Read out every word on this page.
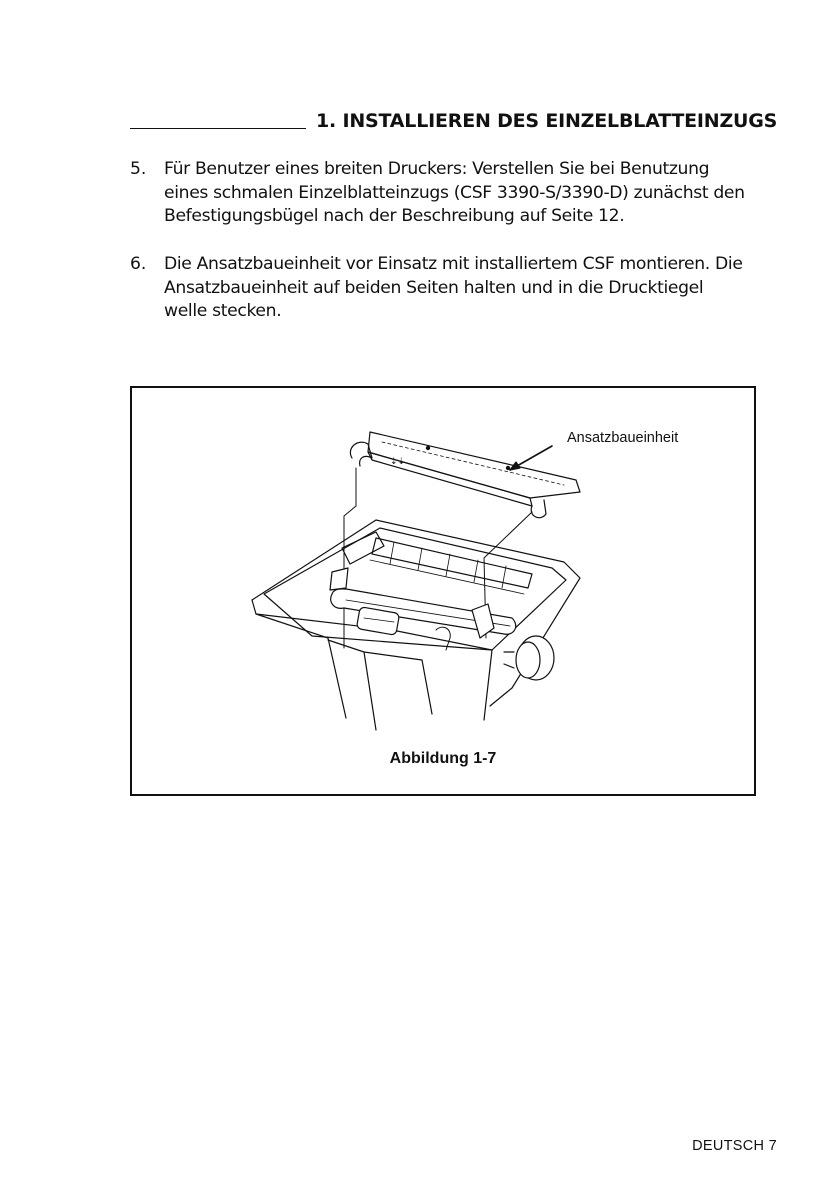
1. INSTALLIEREN DES EINZELBLATTEINZUGS
5.	Für Benutzer eines breiten Druckers: Verstellen Sie bei Benutzung
eines schmalen Einzelblatteinzugs (CSF 3390-S/3390-D) zunächst den
Befestigungsbügel nach der Beschreibung auf Seite 12.
6.	Die Ansatzbaueinheit vor Einsatz mit installiertem CSF montieren. Die
Ansatzbaueinheit auf beiden Seiten halten und in die Drucktiegel
welle stecken.
⇣⇣
Ansatzbaueinheit
Abbildung 1-7
DEUTSCH 7
